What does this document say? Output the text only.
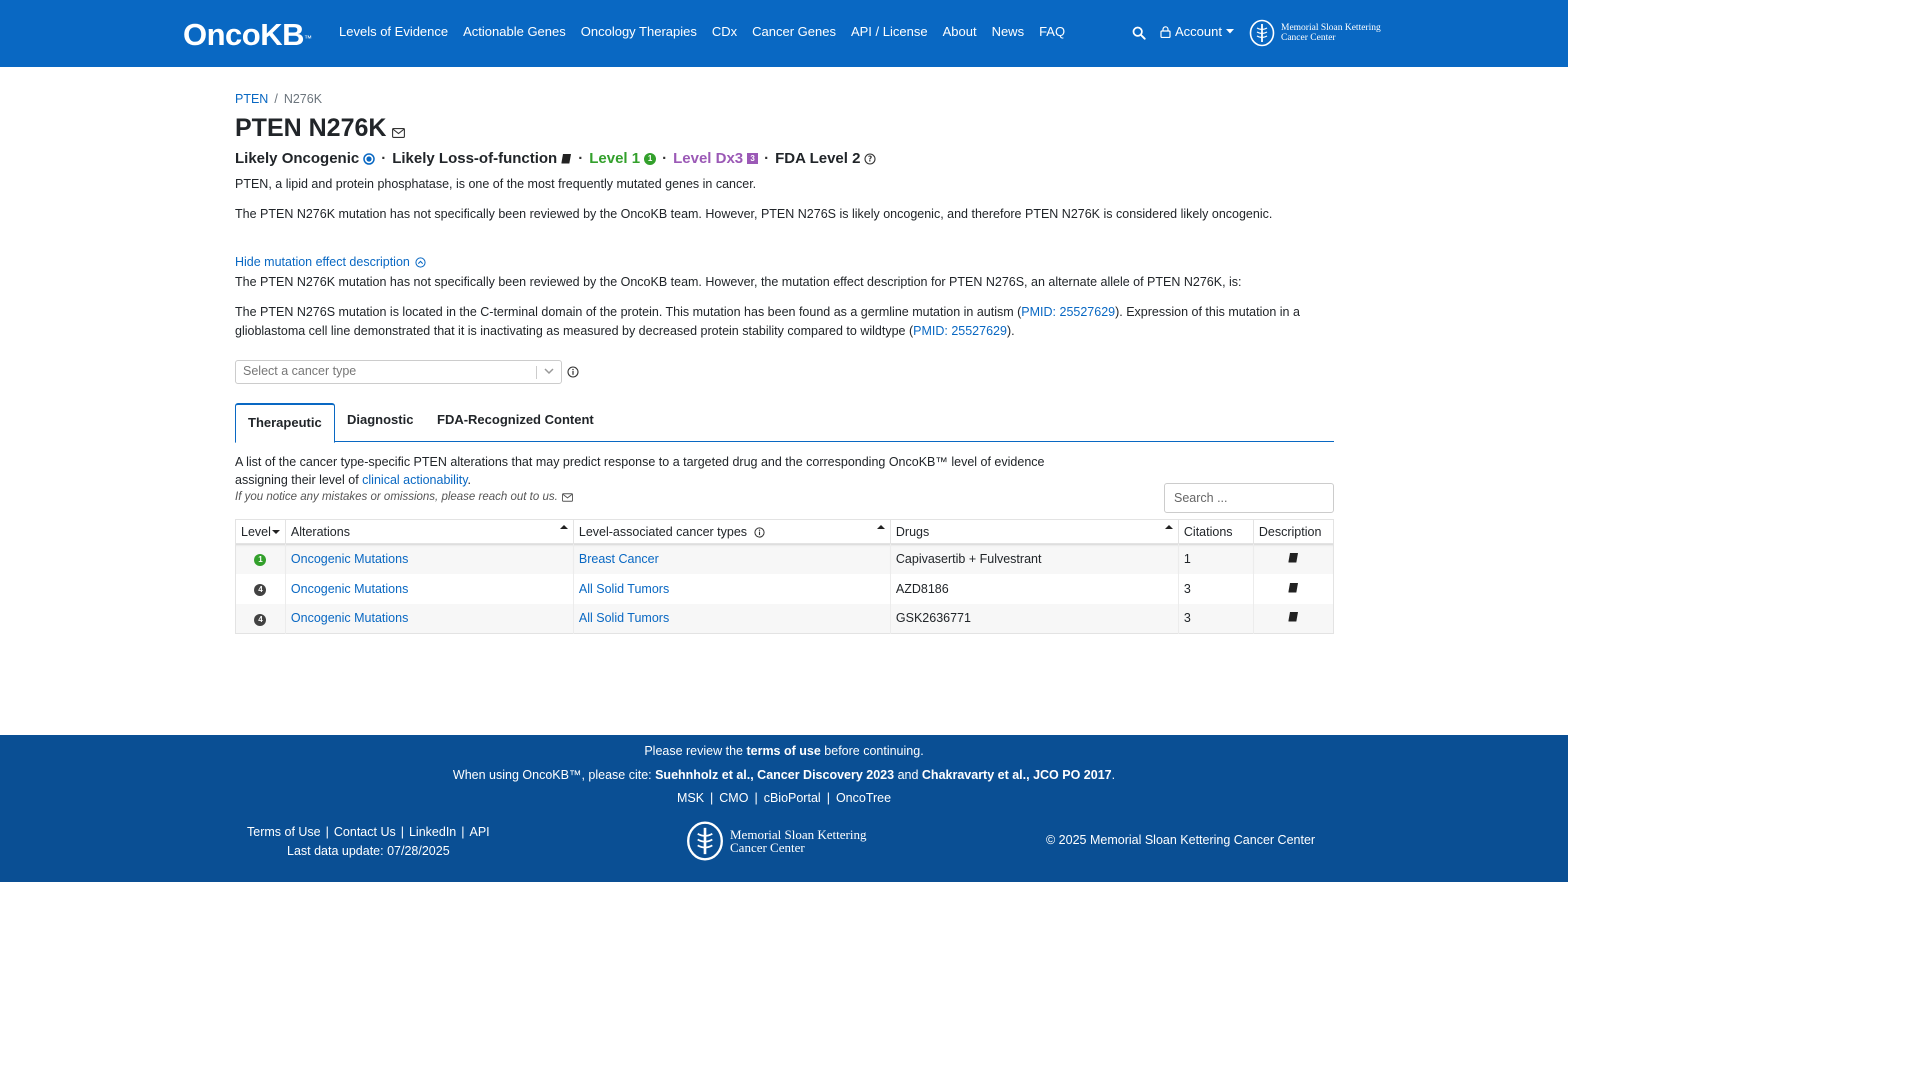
OncoKB™ Levels of Evidence Actionable Genes Oncology Therapies CDx Cancer Genes API / License About News FAQ	Account	Memorial Sloan Kettering
Cancer Center
PTEN / N276K
PTEN N276K
Likely Oncogenic · Likely Loss-of-function · Level 1 1 · Level Dx3 3 · FDA Level 2 ?
PTEN, a lipid and protein phosphatase, is one of the most frequently mutated genes in cancer.
The PTEN N276K mutation has not specifically been reviewed by the OncoKB team. However, PTEN N276S is likely oncogenic, and therefore PTEN N276K is considered likely oncogenic.
Hide mutation effect description
The PTEN N276K mutation has not specifically been reviewed by the OncoKB team. However, the mutation effect description for PTEN N276S, an alternate allele of PTEN N276K, is:
The PTEN N276S mutation is located in the C-terminal domain of the protein. This mutation has been found as a germline mutation in autism (PMID: 25527629). Expression of this mutation in a glioblastoma cell line demonstrated that it is inactivating as measured by decreased protein stability compared to wildtype (PMID: 25527629).
Select a cancer type
Therapeutic	Diagnostic	FDA-Recognized Content
A list of the cancer type-specific PTEN alterations that may predict response to a targeted drug and the corresponding OncoKB™ level of evidence assigning their level of clinical actionability.
If you notice any mistakes or omissions, please reach out to us.
Search ...
Level	Alterations	Level-associated cancer types	Drugs	Citations	Description
1	Oncogenic Mutations	Breast Cancer	Capivasertib + Fulvestrant	1	
4	Oncogenic Mutations	All Solid Tumors	AZD8186	3	
4	Oncogenic Mutations	All Solid Tumors	GSK2636771	3	
Please review the terms of use before continuing.
When using OncoKB™, please cite: Suehnholz et al., Cancer Discovery 2023 and Chakravarty et al., JCO PO 2017.
MSK | CMO | cBioPortal | OncoTree
Terms of Use | Contact Us | LinkedIn | API
Last data update: 07/28/2025
Memorial Sloan Kettering
Cancer Center	© 2025 Memorial Sloan Kettering Cancer Center
